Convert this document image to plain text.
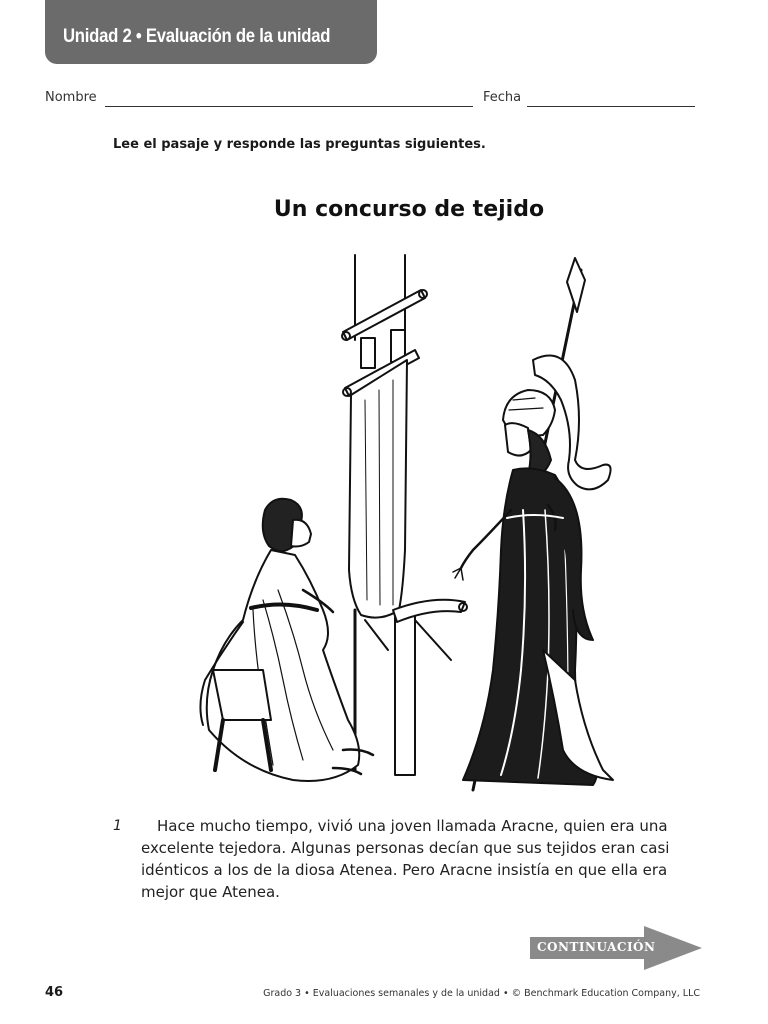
Unidad 2 • Evaluación de la unidad
Nombre	Fecha
Lee el pasaje y responde las preguntas siguientes.
Un concurso de tejido
1	Hace mucho tiempo, vivió una joven llamada Aracne, quien era una excelente tejedora. Algunas personas decían que sus tejidos eran casi idénticos a los de la diosa Atenea. Pero Aracne insistía en que ella era mejor que Atenea.
CONTINUACIÓN
46	Grado 3 • Evaluaciones semanales y de la unidad • © Benchmark Education Company, LLC
